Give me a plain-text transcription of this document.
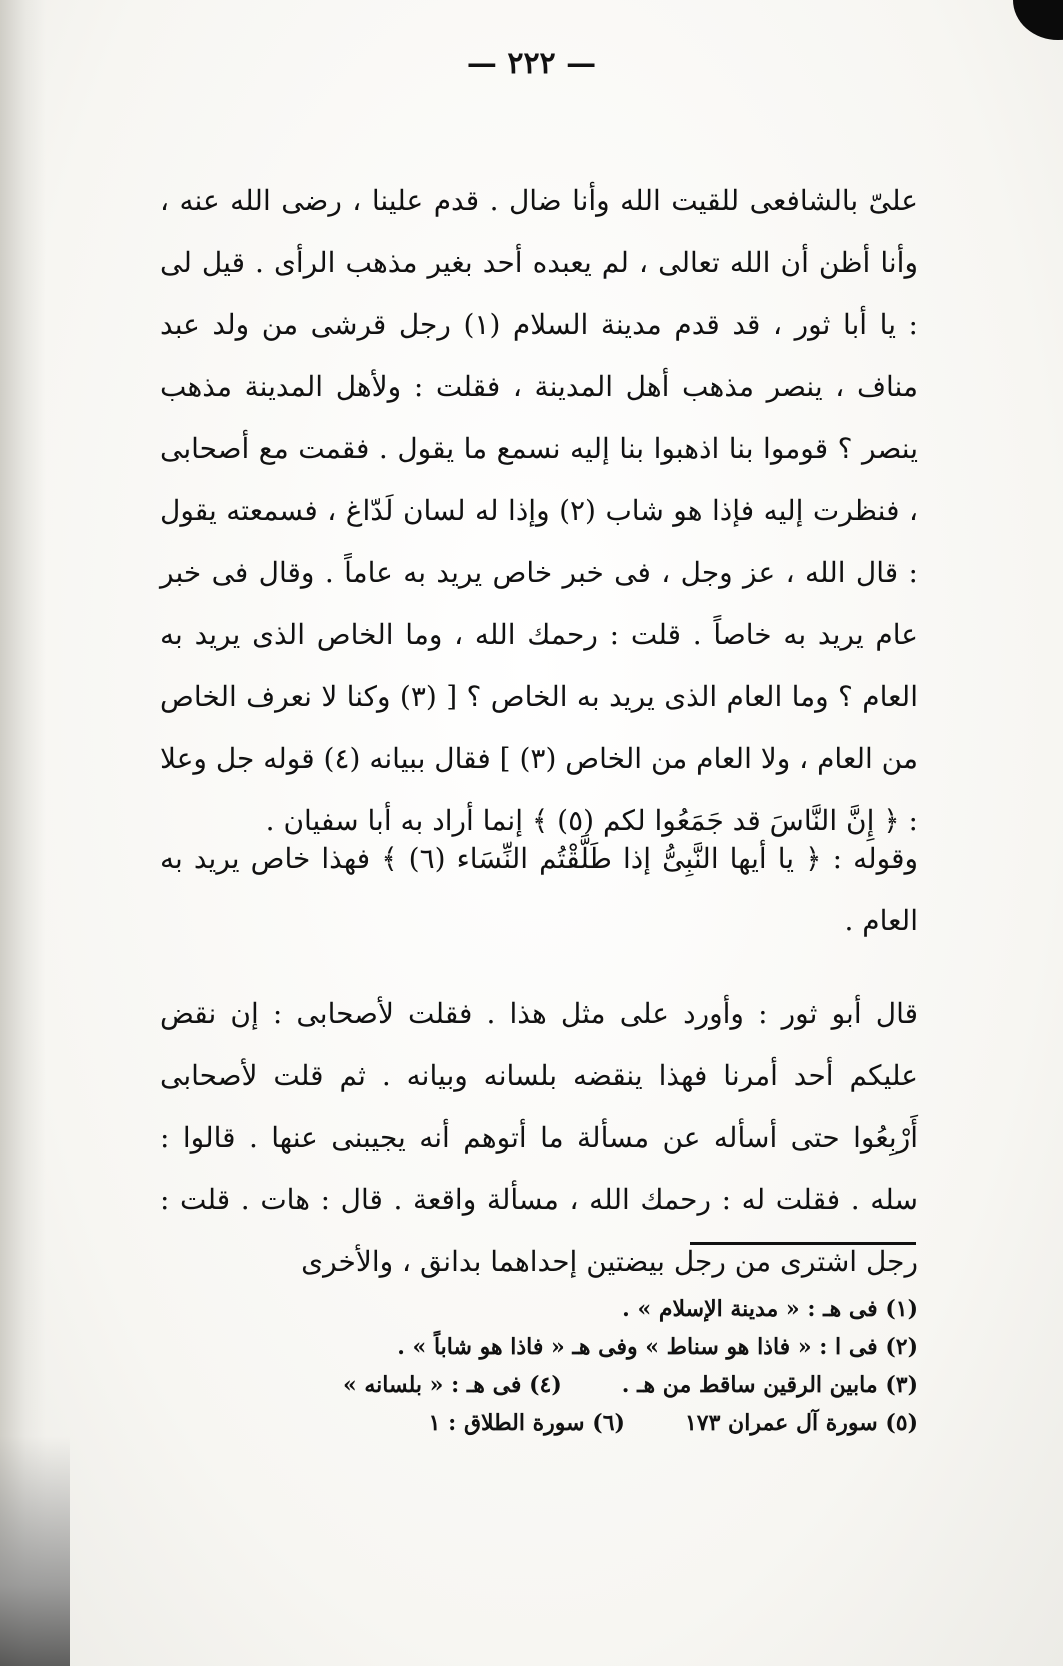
— ٢٢٢ —

علىّ بالشافعى للقيت الله وأنا ضال . قدم علينا ، رضى الله عنه ، وأنا أظن أن الله تعالى ، لم يعبده أحد بغير مذهب الرأى . قيل لى : يا أبا ثور ، قد قدم مدينة السلام (١) رجل قرشى من ولد عبد مناف ، ينصر مذهب أهل المدينة ، فقلت : ولأهل المدينة مذهب ينصر ؟ قوموا بنا اذهبوا بنا إليه نسمع ما يقول . فقمت مع أصحابى ، فنظرت إليه فإذا هو شاب (٢) وإذا له لسان لَدّاغ ، فسمعته يقول : قال الله ، عز وجل ، فى خبر خاص يريد به عاماً . وقال فى خبر عام يريد به خاصاً . قلت : رحمك الله ، وما الخاص الذى يريد به العام ؟ وما العام الذى يريد به الخاص ؟ [ (٣) وكنا لا نعرف الخاص من العام ، ولا العام من الخاص (٣) ] فقال ببيانه (٤) قوله جل وعلا : ﴿ إِنَّ النَّاسَ قد جَمَعُوا لكم (٥) ﴾ إنما أراد به أبا سفيان .

وقوله : ﴿ يا أيها النَّبِىُّ إذا طَلَّقْتُم النِّسَاء (٦) ﴾ فهذا خاص يريد به العام .

قال أبو ثور : وأورد على مثل هذا . فقلت لأصحابى : إن نقض عليكم أحد أمرنا فهذا ينقضه بلسانه وبيانه . ثم قلت لأصحابى أَرْبِعُوا حتى أسأله عن مسألة ما أتوهم أنه يجيبنى عنها . قالوا : سله . فقلت له : رحمك الله ، مسألة واقعة . قال : هات . قلت : رجل اشترى من رجل بيضتين إحداهما بدانق ، والأخرى

(١) فى هـ : « مدينة الإسلام » .
(٢) فى ا : « فاذا هو سناط » وفى هـ « فاذا هو شاباً » .
(٣) مابين الرقين ساقط من هـ .
(٤) فى هـ : « بلسانه »
(٥) سورة آل عمران ١٧٣
(٦) سورة الطلاق : ١
